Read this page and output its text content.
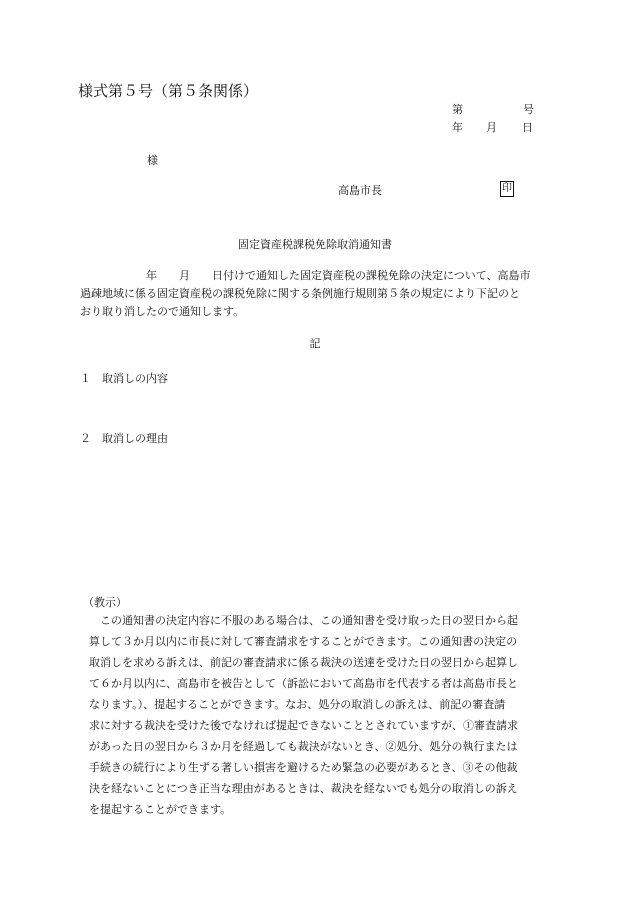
様式第５号（第５条関係）
第	号
年 月 日
様
高島市長	印
固定資産税課税免除取消通知書
　　　　　　年　　月　　日付けで通知した固定資産税の課税免除の決定について、高島市
過疎地域に係る固定資産税の課税免除に関する条例施行規則第５条の規定により下記のと
おり取り消したので通知します。
記
１ 取消しの内容
２ 取消しの理由
（教示）
　この通知書の決定内容に不服のある場合は、この通知書を受け取った日の翌日から起
算して３か月以内に市長に対して審査請求をすることができます。この通知書の決定の
取消しを求める訴えは、前記の審査請求に係る裁決の送達を受けた日の翌日から起算し
て６か月以内に、高島市を被告として（訴訟において高島市を代表する者は高島市長と
なります。）、提起することができます。なお、処分の取消しの訴えは、前記の審査請
求に対する裁決を受けた後でなければ提起できないこととされていますが、①審査請求
があった日の翌日から３か月を経過しても裁決がないとき、②処分、処分の執行または
手続きの続行により生ずる著しい損害を避けるため緊急の必要があるとき、③その他裁
決を経ないことにつき正当な理由があるときは、裁決を経ないでも処分の取消しの訴え
を提起することができます。
